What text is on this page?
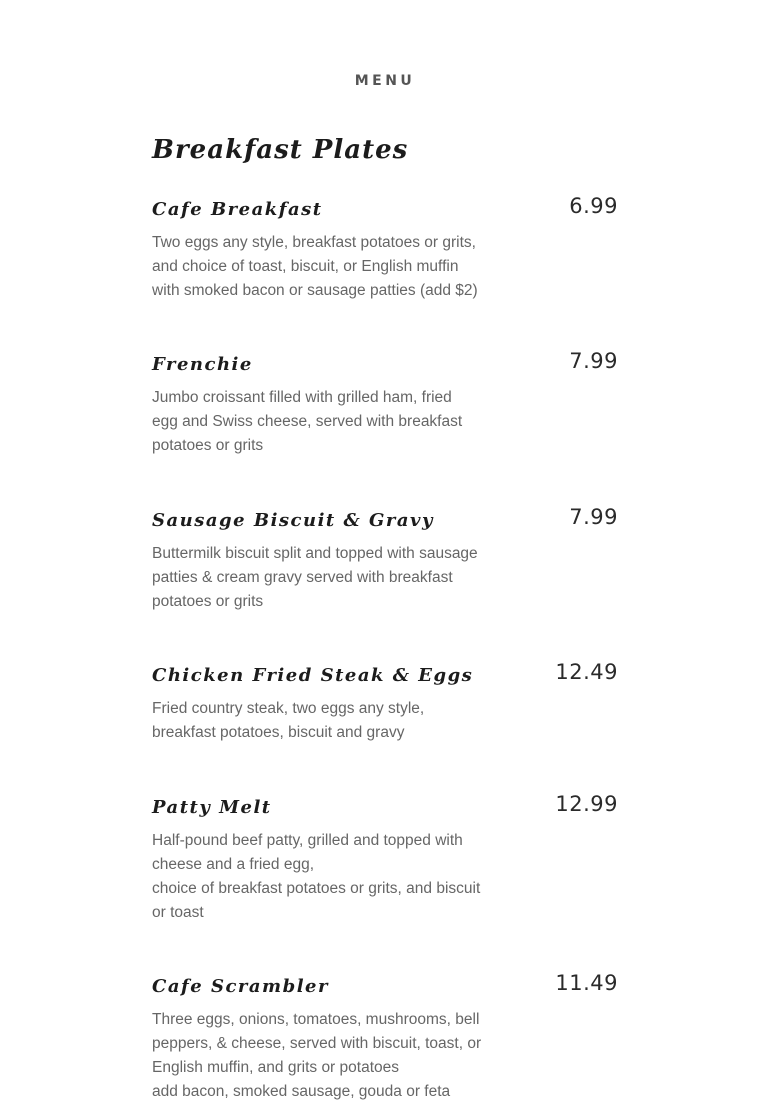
MENU
Breakfast Plates
Cafe Breakfast	6.99
Two eggs any style, breakfast potatoes or grits,
and choice of toast, biscuit, or English muffin
with smoked bacon or sausage patties (add $2)
Frenchie	7.99
Jumbo croissant filled with grilled ham, fried
egg and Swiss cheese, served with breakfast
potatoes or grits
Sausage Biscuit & Gravy	7.99
Buttermilk biscuit split and topped with sausage
patties & cream gravy served with breakfast
potatoes or grits
Chicken Fried Steak & Eggs	12.49
Fried country steak, two eggs any style,
breakfast potatoes, biscuit and gravy
Patty Melt	12.99
Half-pound beef patty, grilled and topped with
cheese and a fried egg,
choice of breakfast potatoes or grits, and biscuit
or toast
Cafe Scrambler	11.49
Three eggs, onions, tomatoes, mushrooms, bell
peppers, & cheese, served with biscuit, toast, or
English muffin, and grits or potatoes
add bacon, smoked sausage, gouda or feta
